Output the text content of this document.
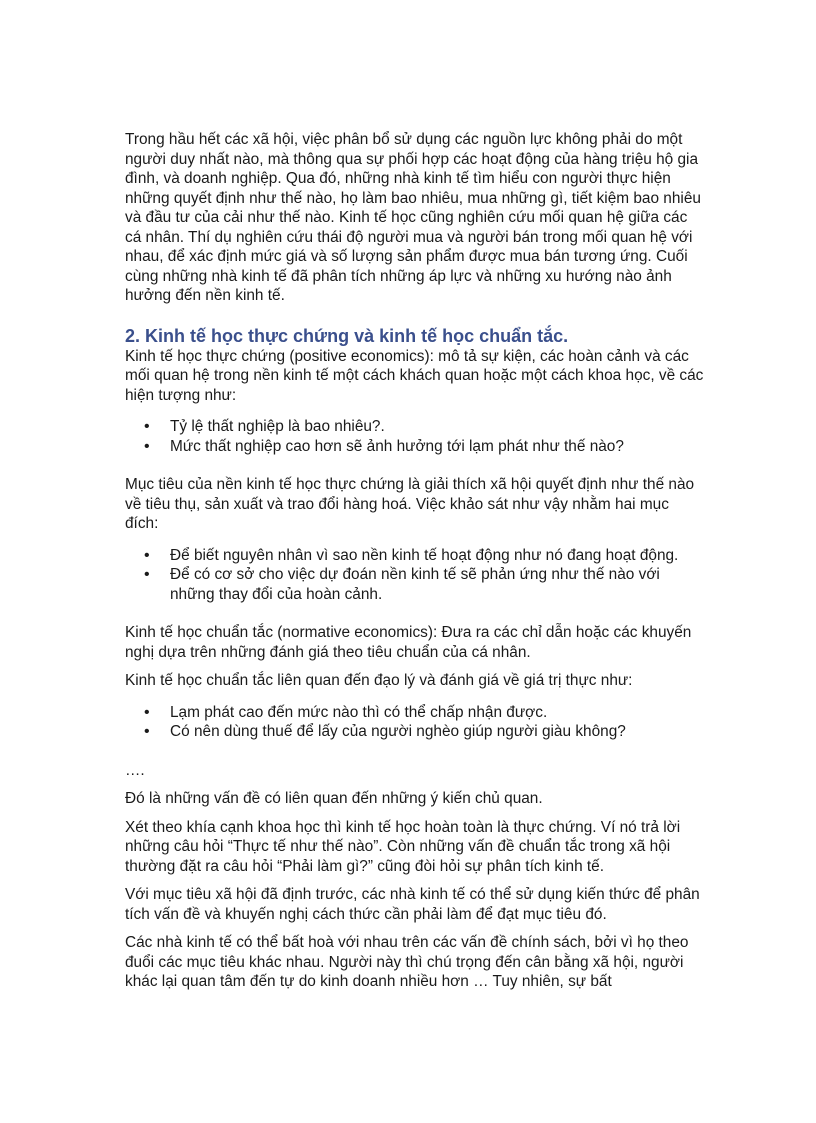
Trong hầu hết các xã hội, việc phân bổ sử dụng các nguồn lực không phải do một người duy nhất nào, mà thông qua sự phối hợp các hoạt động của hàng triệu hộ gia đình, và doanh nghiệp. Qua đó, những nhà kinh tế tìm hiểu con người thực hiện những quyết định như thế nào, họ làm bao nhiêu, mua những gì, tiết kiệm bao nhiêu và đầu tư của cải như thế nào. Kinh tế học cũng nghiên cứu mối quan hệ giữa các cá nhân. Thí dụ nghiên cứu thái độ người mua và người bán trong mối quan hệ với nhau, để xác định mức giá và số lượng sản phẩm được mua bán tương ứng. Cuối cùng những nhà kinh tế đã phân tích những áp lực và những xu hướng nào ảnh hưởng đến nền kinh tế.

2. Kinh tế học thực chứng và kinh tế học chuẩn tắc.

Kinh tế học thực chứng (positive economics): mô tả sự kiện, các hoàn cảnh và các mối quan hệ trong nền kinh tế một cách khách quan hoặc một cách khoa học, về các hiện tượng như:

• Tỷ lệ thất nghiệp là bao nhiêu?.
• Mức thất nghiệp cao hơn sẽ ảnh hưởng tới lạm phát như thế nào?

Mục tiêu của nền kinh tế học thực chứng là giải thích xã hội quyết định như thế nào về tiêu thụ, sản xuất và trao đổi hàng hoá. Việc khảo sát như vậy nhằm hai mục đích:

• Để biết nguyên nhân vì sao nền kinh tế hoạt động như nó đang hoạt động.
• Để có cơ sở cho việc dự đoán nền kinh tế sẽ phản ứng như thế nào với những thay đổi của hoàn cảnh.

Kinh tế học chuẩn tắc (normative economics): Đưa ra các chỉ dẫn hoặc các khuyến nghị dựa trên những đánh giá theo tiêu chuẩn của cá nhân.

Kinh tế học chuẩn tắc liên quan đến đạo lý và đánh giá về giá trị thực như:

• Lạm phát cao đến mức nào thì có thể chấp nhận được.
• Có nên dùng thuế để lấy của người nghèo giúp người giàu không?

….

Đó là những vấn đề có liên quan đến những ý kiến chủ quan.

Xét theo khía cạnh khoa học thì kinh tế học hoàn toàn là thực chứng. Ví nó trả lời những câu hỏi “Thực tế như thế nào”. Còn những vấn đề chuẩn tắc trong xã hội thường đặt ra câu hỏi “Phải làm gì?” cũng đòi hỏi sự phân tích kinh tế.

Với mục tiêu xã hội đã định trước, các nhà kinh tế có thể sử dụng kiến thức để phân tích vấn đề và khuyến nghị cách thức cần phải làm để đạt mục tiêu đó.

Các nhà kinh tế có thể bất hoà với nhau trên các vấn đề chính sách, bởi vì họ theo đuổi các mục tiêu khác nhau. Người này thì chú trọng đến cân bằng xã hội, người khác lại quan tâm đến tự do kinh doanh nhiều hơn … Tuy nhiên, sự bất
